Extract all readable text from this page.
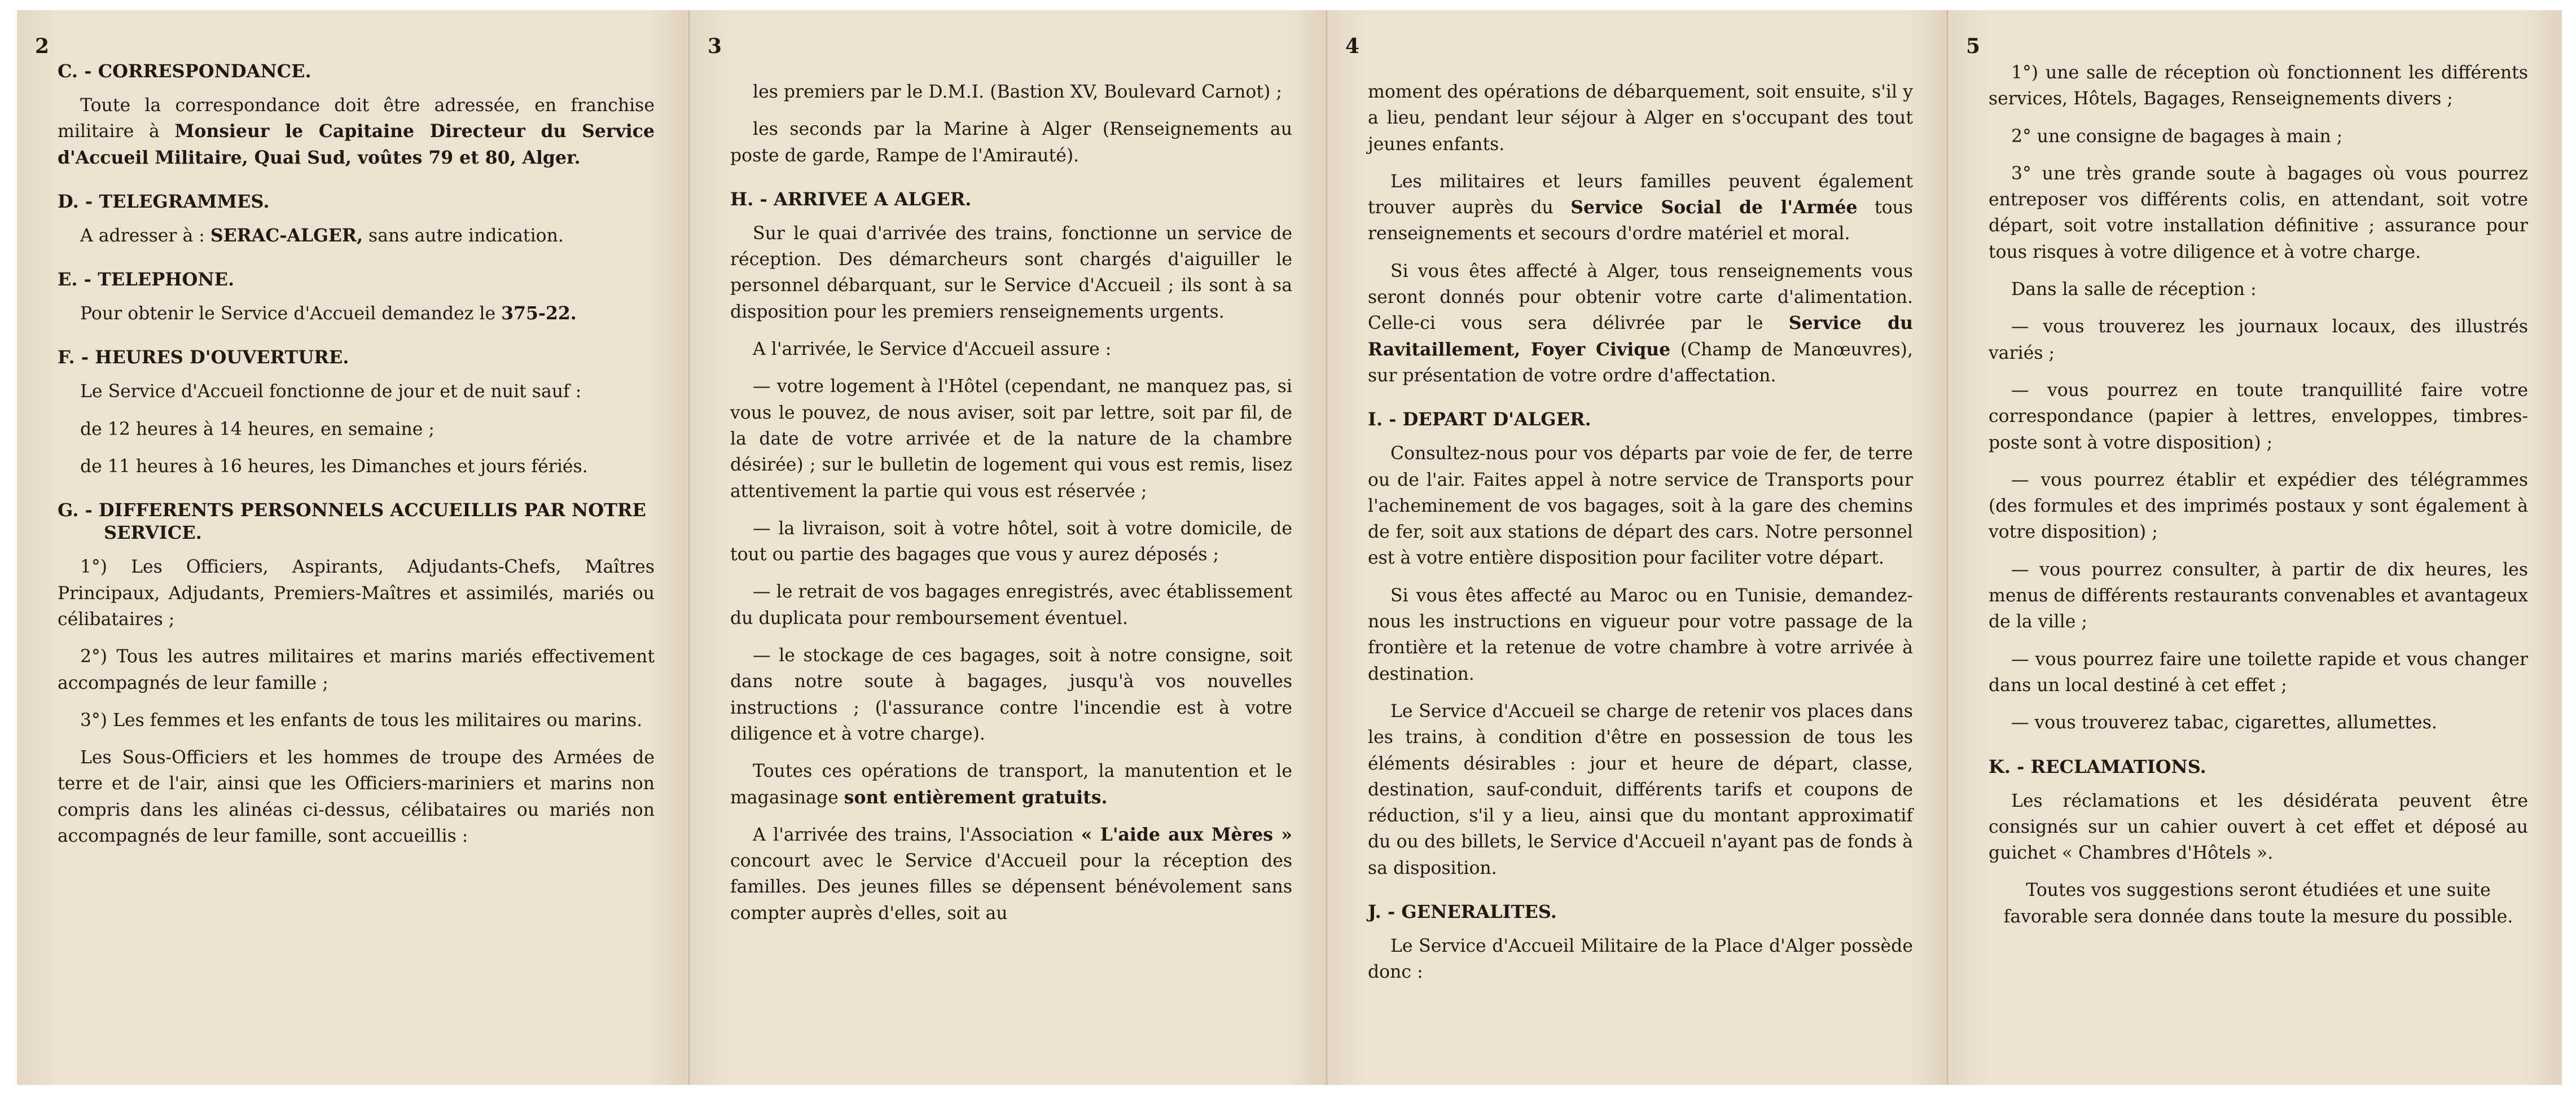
2
C. - CORRESPONDANCE.

Toute la correspondance doit être adressée, en franchise militaire à Monsieur le Capitaine Directeur du Service d'Accueil Militaire, Quai Sud, voûtes 79 et 80, Alger.

D. - TELEGRAMMES.

A adresser à : SERAC-ALGER, sans autre indication.

E. - TELEPHONE.

Pour obtenir le Service d'Accueil demandez le 375-22.

F. - HEURES D'OUVERTURE.

Le Service d'Accueil fonctionne de jour et de nuit sauf :

de 12 heures à 14 heures, en semaine ;

de 11 heures à 16 heures, les Dimanches et jours fériés.

G. - DIFFERENTS PERSONNELS ACCUEILLIS PAR NOTRE SERVICE.

1°) Les Officiers, Aspirants, Adjudants-Chefs, Maîtres Principaux, Adjudants, Premiers-Maîtres et assimilés, mariés ou célibataires ;

2°) Tous les autres militaires et marins mariés effectivement accompagnés de leur famille ;

3°) Les femmes et les enfants de tous les militaires ou marins.

Les Sous-Officiers et les hommes de troupe des Armées de terre et de l'air, ainsi que les Officiers-mariniers et marins non compris dans les alinéas ci-dessus, célibataires ou mariés non accompagnés de leur famille, sont accueillis :

3

les premiers par le D.M.I. (Bastion XV, Boulevard Carnot) ;

les seconds par la Marine à Alger (Renseignements au poste de garde, Rampe de l'Amirauté).

H. - ARRIVEE A ALGER.

Sur le quai d'arrivée des trains, fonctionne un service de réception. Des démarcheurs sont chargés d'aiguiller le personnel débarquant, sur le Service d'Accueil ; ils sont à sa disposition pour les premiers renseignements urgents.

A l'arrivée, le Service d'Accueil assure :

— votre logement à l'Hôtel (cependant, ne manquez pas, si vous le pouvez, de nous aviser, soit par lettre, soit par fil, de la date de votre arrivée et de la nature de la chambre désirée) ; sur le bulletin de logement qui vous est remis, lisez attentivement la partie qui vous est réservée ;

— la livraison, soit à votre hôtel, soit à votre domicile, de tout ou partie des bagages que vous y aurez déposés ;

— le retrait de vos bagages enregistrés, avec établissement du duplicata pour remboursement éventuel.

— le stockage de ces bagages, soit à notre consigne, soit dans notre soute à bagages, jusqu'à vos nouvelles instructions ; (l'assurance contre l'incendie est à votre diligence et à votre charge).

Toutes ces opérations de transport, la manutention et le magasinage sont entièrement gratuits.

A l'arrivée des trains, l'Association « L'aide aux Mères » concourt avec le Service d'Accueil pour la réception des familles. Des jeunes filles se dépensent bénévolement sans compter auprès d'elles, soit au

4

moment des opérations de débarquement, soit ensuite, s'il y a lieu, pendant leur séjour à Alger en s'occupant des tout jeunes enfants.

Les militaires et leurs familles peuvent également trouver auprès du Service Social de l'Armée tous renseignements et secours d'ordre matériel et moral.

Si vous êtes affecté à Alger, tous renseignements vous seront donnés pour obtenir votre carte d'alimentation. Celle-ci vous sera délivrée par le Service du Ravitaillement, Foyer Civique (Champ de Manœuvres), sur présentation de votre ordre d'affectation.

I. - DEPART D'ALGER.

Consultez-nous pour vos départs par voie de fer, de terre ou de l'air. Faites appel à notre service de Transports pour l'acheminement de vos bagages, soit à la gare des chemins de fer, soit aux stations de départ des cars. Notre personnel est à votre entière disposition pour faciliter votre départ.

Si vous êtes affecté au Maroc ou en Tunisie, demandez-nous les instructions en vigueur pour votre passage de la frontière et la retenue de votre chambre à votre arrivée à destination.

Le Service d'Accueil se charge de retenir vos places dans les trains, à condition d'être en possession de tous les éléments désirables : jour et heure de départ, classe, destination, sauf-conduit, différents tarifs et coupons de réduction, s'il y a lieu, ainsi que du montant approximatif du ou des billets, le Service d'Accueil n'ayant pas de fonds à sa disposition.

J. - GENERALITES.

Le Service d'Accueil Militaire de la Place d'Alger possède donc :

5

1°) une salle de réception où fonctionnent les différents services, Hôtels, Bagages, Renseignements divers ;

2° une consigne de bagages à main ;

3° une très grande soute à bagages où vous pourrez entreposer vos différents colis, en attendant, soit votre départ, soit votre installation définitive ; assurance pour tous risques à votre diligence et à votre charge.

Dans la salle de réception :

— vous trouverez les journaux locaux, des illustrés variés ;

— vous pourrez en toute tranquillité faire votre correspondance (papier à lettres, enveloppes, timbres-poste sont à votre disposition) ;

— vous pourrez établir et expédier des télégrammes (des formules et des imprimés postaux y sont également à votre disposition) ;

— vous pourrez consulter, à partir de dix heures, les menus de différents restaurants convenables et avantageux de la ville ;

— vous pourrez faire une toilette rapide et vous changer dans un local destiné à cet effet ;

— vous trouverez tabac, cigarettes, allumettes.

K. - RECLAMATIONS.

Les réclamations et les désidérata peuvent être consignés sur un cahier ouvert à cet effet et déposé au guichet « Chambres d'Hôtels ».

Toutes vos suggestions seront étudiées et une suite favorable sera donnée dans toute la mesure du possible.
